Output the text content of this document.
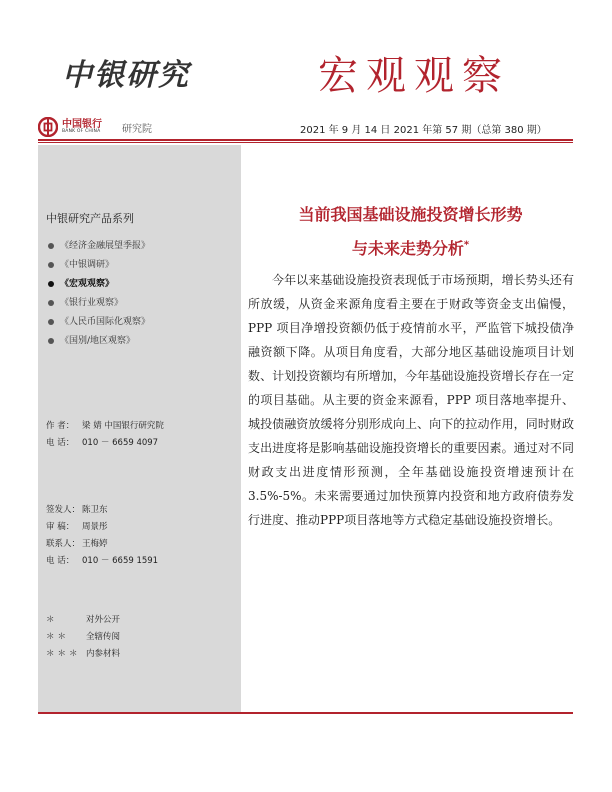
中银研究	宏观观察
中国银行
BANK OF CHINA 研究院	2021 年 9 月 14 日 2021 年第 57 期（总第 380 期）
中银研究产品系列
《经济金融展望季报》
《中银调研》
《宏观观察》
《银行业观察》
《人民币国际化观察》
《国别/地区观察》
作 者： 梁 婧 中国银行研究院
电 话： 010 － 6659 4097
签发人： 陈卫东
审 稿： 周景彤
联系人： 王梅婷
电 话： 010 － 6659 1591
＊	对外公开
＊＊ 全辖传阅
＊＊＊ 内参材料
当前我国基础设施投资增长形势
与未来走势分析*

今年以来基础设施投资表现低于市场预期，增长势头还有所放缓，从资金来源角度看主要在于财政等资金支出偏慢，PPP 项目净增投资额仍低于疫情前水平，严监管下城投债净融资额下降。从项目角度看，大部分地区基础设施项目计划数、计划投资额均有所增加，今年基础设施投资增长存在一定的项目基础。从主要的资金来源看，PPP 项目落地率提升、城投债融资放缓将分别形成向上、向下的拉动作用，同时财政支出进度将是影响基础设施投资增长的重要因素。通过对不同财政支出进度情形预测，全年基础设施投资增速预计在 3.5%-5%。未来需要通过加快预算内投资和地方政府债券发行进度、推动PPP项目落地等方式稳定基础设施投资增长。
